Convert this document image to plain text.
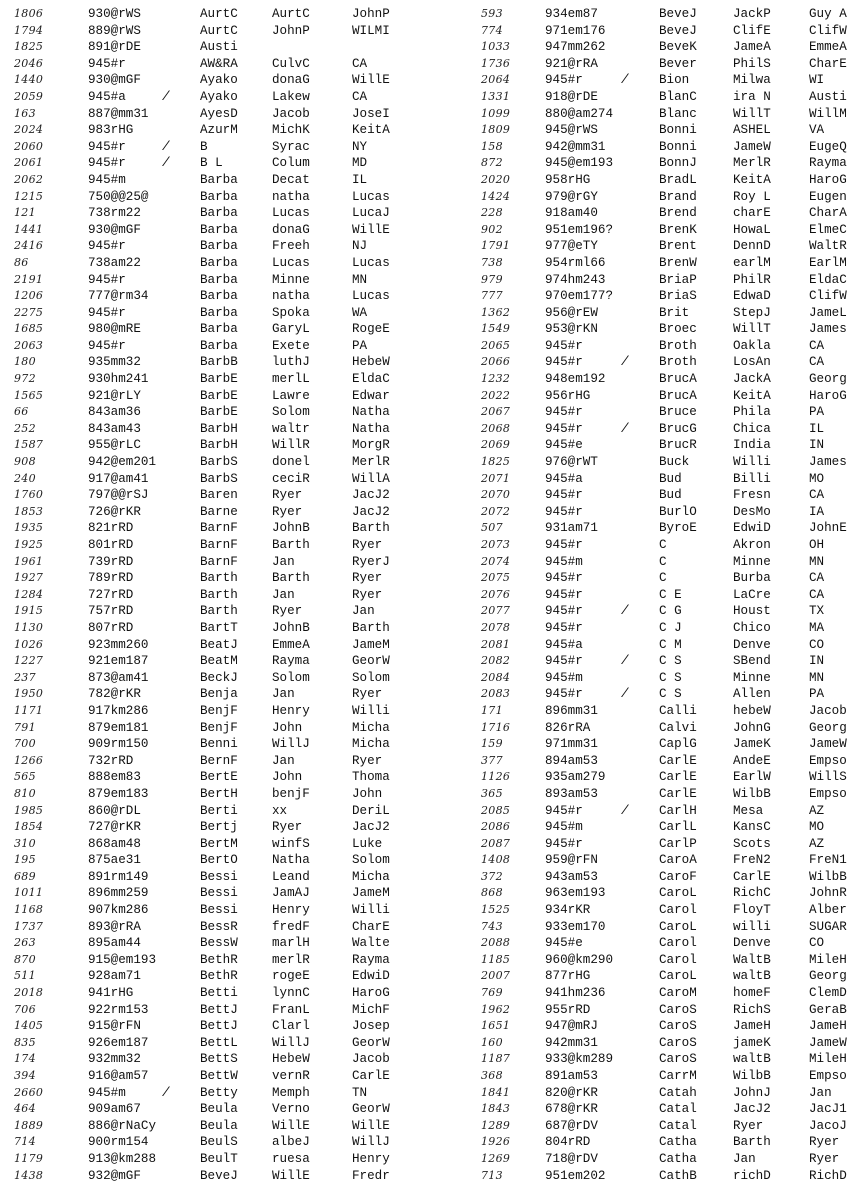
1806	930@rWS	AurtC	AurtC	JohnP
1794	889@rWS	AurtC	JohnP	WILMI
1825	891@rDE	Austi
2046	945#r	AW&RA	CulvC	CA
1440	930@mGF	Ayako	donaG	WillE
2059	945#a	Ayako	Lakew	CA
/
163	887@mm31	AyesD	Jacob	JoseI
2024	983rHG	AzurM	MichK	KeitA
2060	945#r	B	Syrac	NY
/
2061	945#r	B L	Colum	MD
/
2062	945#m	Barba	Decat	IL
1215	750@@25@	Barba	natha	Lucas
121	738rm22	Barba	Lucas	LucaJ
1441	930@mGF	Barba	donaG	WillE
2416	945#r	Barba	Freeh	NJ
86	738am22	Barba	Lucas	Lucas
2191	945#r	Barba	Minne	MN
1206	777@rm34	Barba	natha	Lucas
2275	945#r	Barba	Spoka	WA
1685	980@mRE	Barba	GaryL	RogeE
2063	945#r	Barba	Exete	PA
180	935mm32	BarbB	luthJ	HebeW
972	930hm241	BarbE	merlL	EldaC
1565	921@rLY	BarbE	Lawre	Edwar
66	843am36	BarbE	Solom	Natha
252	843am43	BarbH	waltr	Natha
1587	955@rLC	BarbH	WillR	MorgR
908	942@em201	BarbS	donel	MerlR
240	917@am41	BarbS	ceciR	WillA
1760	797@@rSJ	Baren	Ryer	JacJ2
1853	726@rKR	Barne	Ryer	JacJ2
1935	821rRD	BarnF	JohnB	Barth
1925	801rRD	BarnF	Barth	Ryer
1961	739rRD	BarnF	Jan	RyerJ
1927	789rRD	Barth	Barth	Ryer
1284	727rRD	Barth	Jan	Ryer
1915	757rRD	Barth	Ryer	Jan
1130	807rRD	BartT	JohnB	Barth
1026	923mm260	BeatJ	EmmeA	JameM
1227	921em187	BeatM	Rayma	GeorW
237	873@am41	BeckJ	Solom	Solom
1950	782@rKR	Benja	Jan	Ryer
1171	917km286	BenjF	Henry	Willi
791	879em181	BenjF	John	Micha
700	909rm150	Benni	WillJ	Micha
1266	732rRD	BernF	Jan	Ryer
565	888em83	BertE	John	Thoma
810	879em183	BertH	benjF	John
1985	860@rDL	Berti	xx	DeriL
1854	727@rKR	Bertj	Ryer	JacJ2
310	868am48	BertM	winfS	Luke
195	875ae31	BertO	Natha	Solom
689	891rm149	Bessi	Leand	Micha
1011	896mm259	Bessi	JamAJ	JameM
1168	907km286	Bessi	Henry	Willi
1737	893@rRA	BessR	fredF	CharE
263	895am44	BessW	marlH	Walte
870	915@em193	BethR	merlR	Rayma
511	928am71	BethR	rogeE	EdwiD
2018	941rHG	Betti	lynnC	HaroG
706	922rm153	BettJ	FranL	MichF
1405	915@rFN	BettJ	Clarl	Josep
835	926em187	BettL	WillJ	GeorW
174	932mm32	BettS	HebeW	Jacob
394	916@am57	BettW	vernR	CarlE
2660	945#m	Betty	Memph	TN
/
464	909am67	Beula	Verno	GeorW
1889	886@rNaCy	Beula	WillE	WillE
714	900rm154	BeulS	albeJ	WillJ
1179	913@km288	BeulT	ruesa	Henry
1438	932@mGF	BeveJ	WillE	Fredr
593	934em87	BeveJ	JackP	Guy A
774	971em176	BeveJ	ClifE	ClifW
1033	947mm262	BeveK	JameA	EmmeA
1736	921@rRA	Bever	PhilS	CharE
2064	945#r	Bion	Milwa	WI
/
1331	918@rDE	BlanC	ira N	Austi
1099	880@am274	Blanc	WillT	WillM
1809	945@rWS	Bonni	ASHEL	VA
158	942@mm31	Bonni	JameW	EugeQ
872	945@em193	BonnJ	MerlR	Rayma
2020	958rHG	BradL	KeitA	HaroG
1424	979@rGY	Brand	Roy L	Eugen
228	918am40	Brend	charE	CharA
902	951em196?	BrenK	HowaL	ElmeC
1791	977@eTY	Brent	DennD	WaltR
738	954rml66	BrenW	earlM	EarlM
979	974hm243	BriaP	PhilR	EldaC
777	970em177?	BriaS	EdwaD	ClifW
1362	956@rEW	Brit	StepJ	JameL
1549	953@rKN	Broec	WillT	James
2065	945#r	Broth	Oakla	CA
2066	945#r	Broth	LosAn	CA
/
1232	948em192	BrucA	JackA	Georg
2022	956rHG	BrucA	KeitA	HaroG
2067	945#r	Bruce	Phila	PA
2068	945#r	BrucG	Chica	IL
/
2069	945#e	BrucR	India	IN
1825	976@rWT	Buck	Willi	James
2071	945#a	Bud	Billi	MO
2070	945#r	Bud	Fresn	CA
2072	945#r	BurlO	DesMo	IA
507	931am71	ByroE	EdwiD	JohnE
2073	945#r	C	Akron	OH
2074	945#m	C	Minne	MN
2075	945#r	C	Burba	CA
2076	945#r	C E	LaCre	CA
2077	945#r	C G	Houst	TX
/
2078	945#r	C J	Chico	MA
2081	945#a	C M	Denve	CO
2082	945#r	C S	SBend	IN
/
2084	945#m	C S	Minne	MN
2083	945#r	C S	Allen	PA
/
171	896mm31	Calli	hebeW	Jacob
1716	826rRA	Calvi	JohnG	Georg
159	971mm31	CaplG	JameK	JameW
377	894am53	CarlE	AndeE	Empso
1126	935am279	CarlE	EarlW	WillS
365	893am53	CarlE	WilbB	Empso
2085	945#r	CarlH	Mesa	AZ
/
2086	945#m	CarlL	KansC	MO
2087	945#r	CarlP	Scots	AZ
1408	959@rFN	CaroA	FreN2	FreN1
372	943am53	CaroF	CarlE	WilbB
868	963em193	CaroL	RichC	JohnR
1525	934rKR	Carol	FloyT	Alber
743	933em170	CaroL	willi	SUGAR
2088	945#e	Carol	Denve	CO
1185	960@km290	Carol	WaltB	MileH
2007	877rHG	CaroL	waltB	Georg
769	941hm236	CaroM	homeF	ClemD
1962	955rRD	CaroS	RichS	GeraB
1651	947@mRJ	CaroS	JameH	JameH
160	942mm31	CaroS	jameK	JameW
1187	933@km289	CaroS	waltB	MileH
368	891am53	CarrM	WilbB	Empso
1841	820@rKR	Catah	JohnJ	Jan
1843	678@rKR	Catal	JacJ2	JacJ1
1289	687@rDV	Catal	Ryer	JacoJ
1926	804rRD	Catha	Barth	Ryer
1269	718@rDV	Catha	Jan	Ryer
713	951em202	CathB	richD	RichD
